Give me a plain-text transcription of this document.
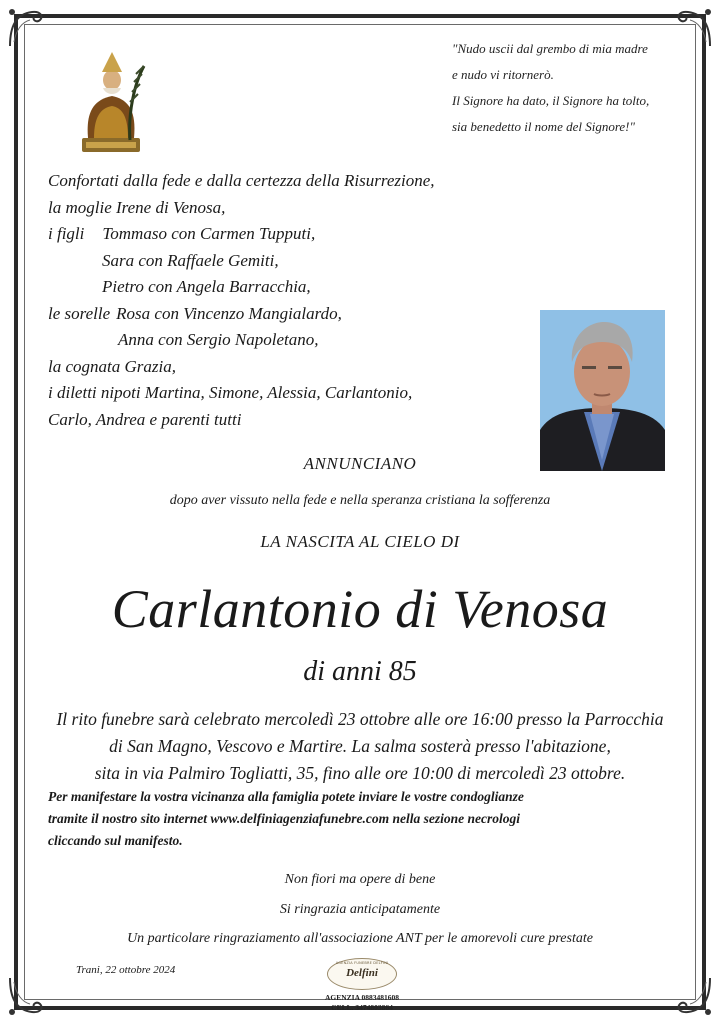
"Nudo uscii dal grembo di mia madre
e nudo vi ritornerò.
Il Signore ha dato, il Signore ha tolto,
sia benedetto il nome del Signore!"
Confortati dalla fede e dalla certezza della Risurrezione,
la moglie Irene di Venosa,
i figli Tommaso con Carmen Tupputi,
Sara con Raffaele Gemiti,
Pietro con Angela Barracchia,
le sorelle Rosa con Vincenzo Mangialardo,
Anna con Sergio Napoletano,
la cognata Grazia,
i diletti nipoti Martina, Simone, Alessia, Carlantonio,
Carlo, Andrea e parenti tutti
ANNUNCIANO
dopo aver vissuto nella fede e nella speranza cristiana la sofferenza
LA NASCITA AL CIELO DI
Carlantonio di Venosa
di anni 85
Il rito funebre sarà celebrato mercoledì 23 ottobre alle ore 16:00 presso la Parrocchia
di San Magno, Vescovo e Martire. La salma sosterà presso l'abitazione,
sita in via Palmiro Togliatti, 35, fino alle ore 10:00 di mercoledì 23 ottobre.
Per manifestare la vostra vicinanza alla famiglia potete inviare le vostre condoglianze
tramite il nostro sito internet www.delfiniagenziafunebre.com nella sezione necrologi
cliccando sul manifesto.
Non fiori ma opere di bene
Si ringrazia anticipatamente
Un particolare ringraziamento all'associazione ANT per le amorevoli cure prestate
Trani, 22 ottobre 2024
AGENZIA FUNEBRE DELFINI
Delfini
AGENZIA 0883481608
CELL. 3474803864
